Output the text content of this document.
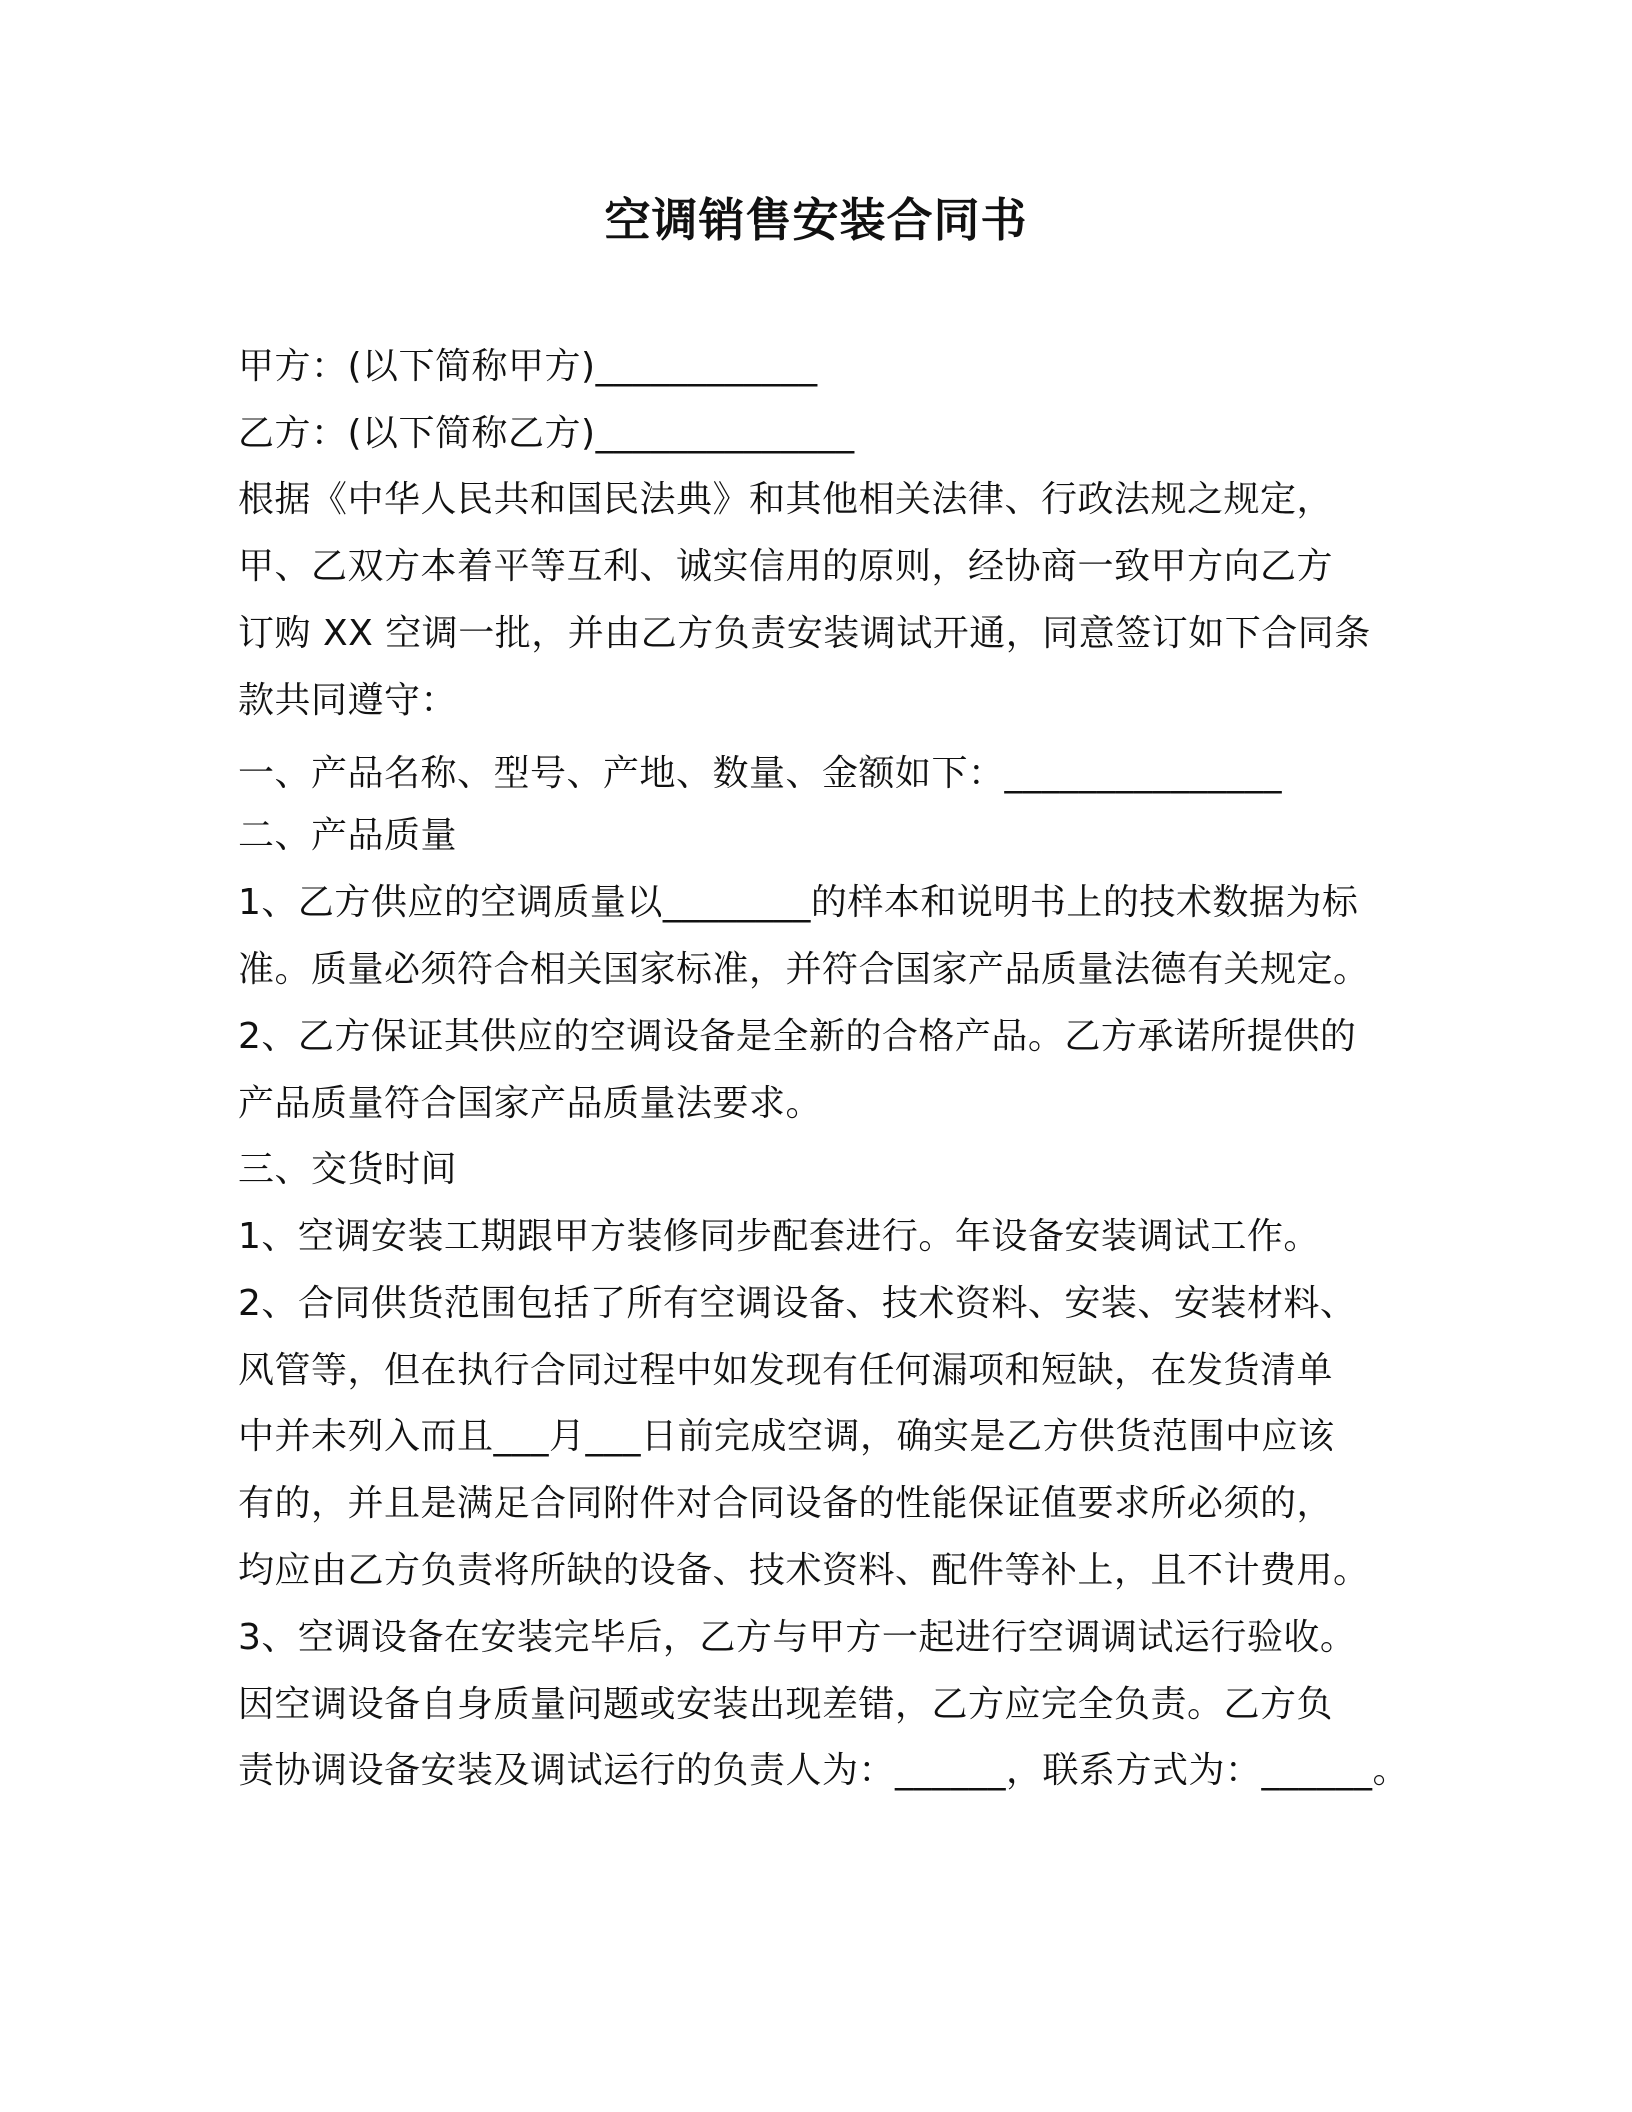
空调销售安装合同书
甲方：(以下简称甲方)____________
乙方：(以下简称乙方)______________
根据《中华人民共和国民法典》和其他相关法律、行政法规之规定，
甲、乙双方本着平等互利、诚实信用的原则，经协商一致甲方向乙方
订购 XX 空调一批，并由乙方负责安装调试开通，同意签订如下合同条
款共同遵守：
一、产品名称、型号、产地、数量、金额如下：_______________
二、产品质量
1、乙方供应的空调质量以________的样本和说明书上的技术数据为标
准。质量必须符合相关国家标准，并符合国家产品质量法德有关规定。
2、乙方保证其供应的空调设备是全新的合格产品。乙方承诺所提供的
产品质量符合国家产品质量法要求。
三、交货时间
1、空调安装工期跟甲方装修同步配套进行。年设备安装调试工作。
2、合同供货范围包括了所有空调设备、技术资料、安装、安装材料、
风管等，但在执行合同过程中如发现有任何漏项和短缺，在发货清单
中并未列入而且___月___日前完成空调，确实是乙方供货范围中应该
有的，并且是满足合同附件对合同设备的性能保证值要求所必须的，
均应由乙方负责将所缺的设备、技术资料、配件等补上，且不计费用。
3、空调设备在安装完毕后，乙方与甲方一起进行空调调试运行验收。
因空调设备自身质量问题或安装出现差错，乙方应完全负责。乙方负
责协调设备安装及调试运行的负责人为：______，联系方式为：______。
